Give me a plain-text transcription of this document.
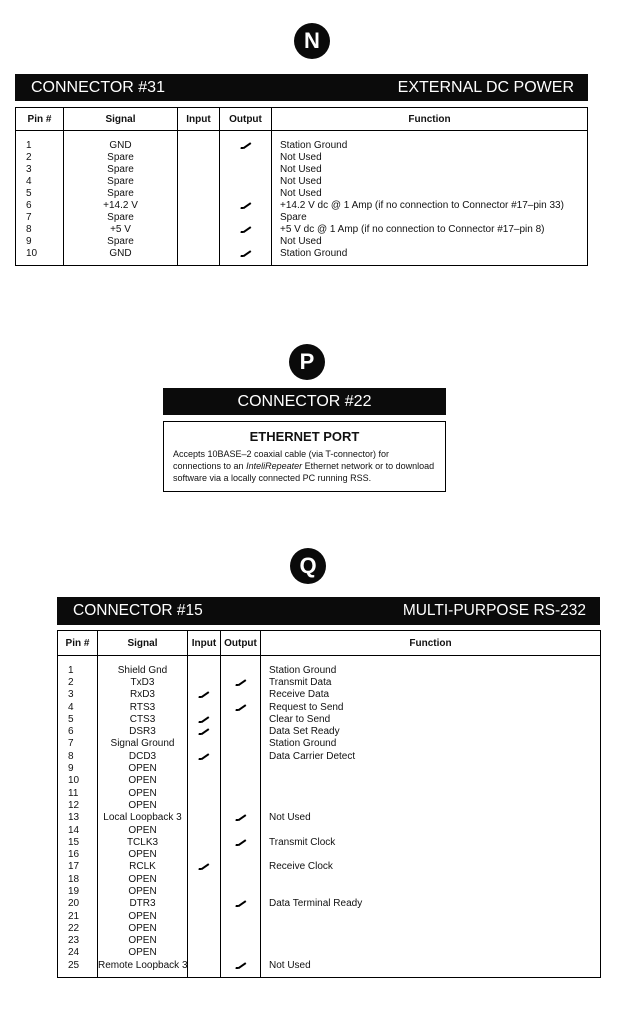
N
CONNECTOR #31	EXTERNAL DC POWER
Pin #	Signal	Input	Output	Function

1	GND			Station Ground
2	Spare			Not Used
3	Spare			Not Used
4	Spare			Not Used
5	Spare			Not Used
6	+14.2 V			+14.2 V dc @ 1 Amp (if no connection to Connector #17–pin 33)
7	Spare			Spare
8	+5 V			+5 V dc @ 1 Amp (if no connection to Connector #17–pin 8)
9	Spare			Not Used
10	GND			Station Ground

P
CONNECTOR #22
ETHERNET PORT
Accepts 10BASE–2 coaxial cable (via T-connector) for connections to an InteliRepeater Ethernet network or to download software via a locally connected PC running RSS.
Q
CONNECTOR #15	MULTI-PURPOSE RS-232
Pin #	Signal	Input	Output	Function

1	Shield Gnd			Station Ground
2	TxD3			Transmit Data
3	RxD3			Receive Data
4	RTS3			Request to Send
5	CTS3			Clear to Send
6	DSR3			Data Set Ready
7	Signal Ground			Station Ground
8	DCD3			Data Carrier Detect
9	OPEN			
10	OPEN			
11	OPEN			
12	OPEN			
13	Local Loopback 3			Not Used
14	OPEN			
15	TCLK3			Transmit Clock
16	OPEN			
17	RCLK			Receive Clock
18	OPEN			
19	OPEN			
20	DTR3			Data Terminal Ready
21	OPEN			
22	OPEN			
23	OPEN			
24	OPEN			
25	Remote Loopback 3			Not Used
